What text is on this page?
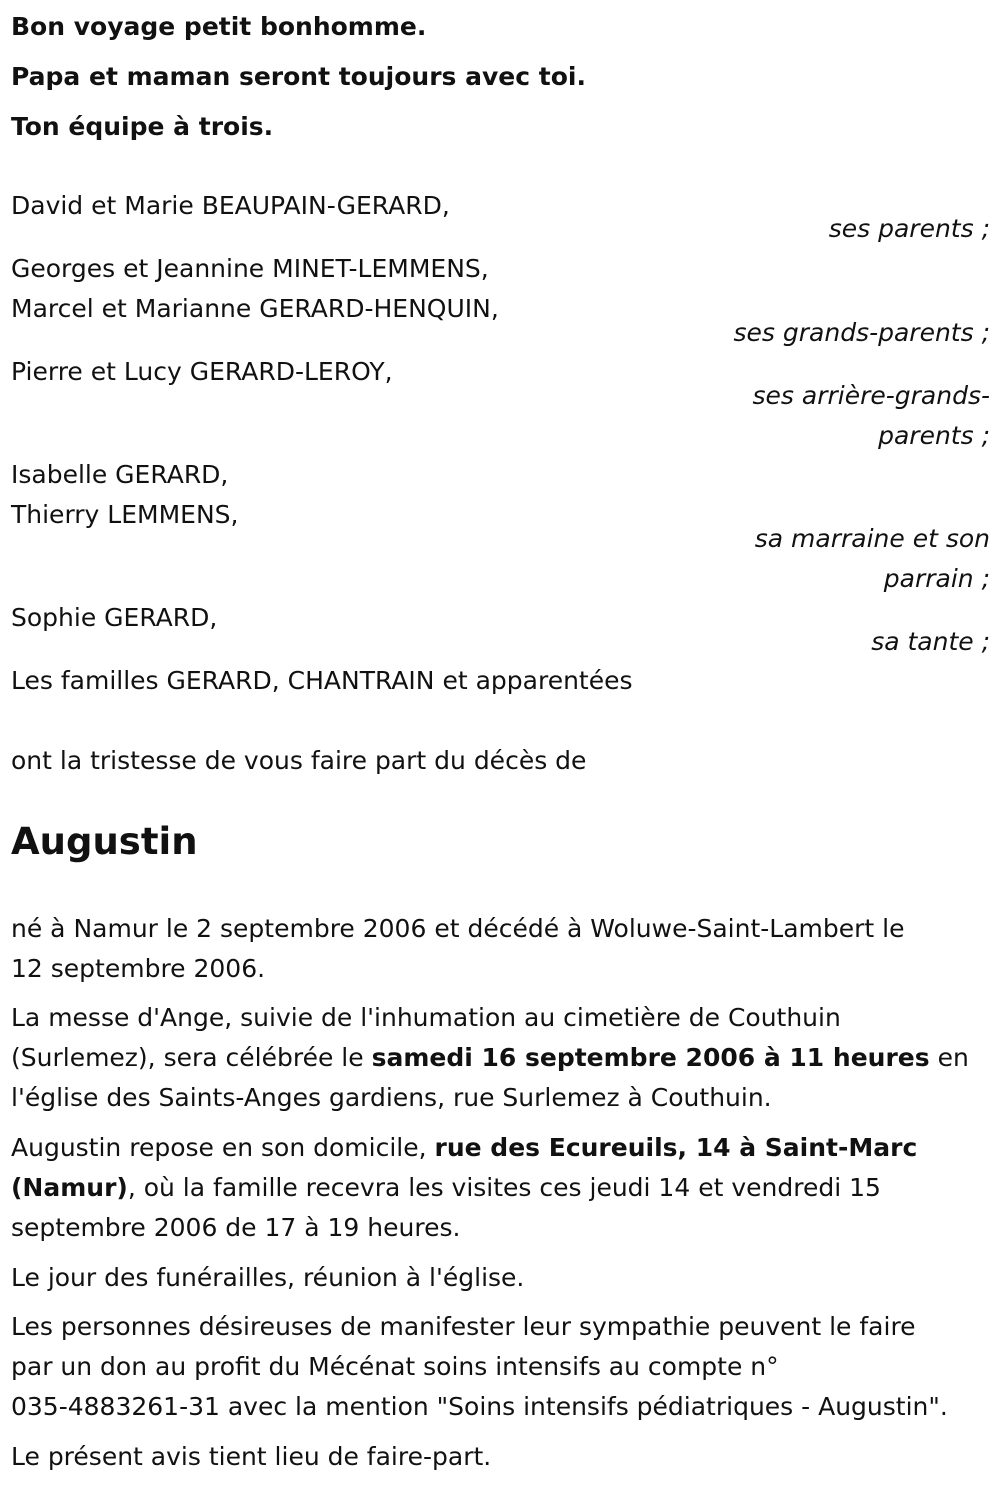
Bon voyage petit bonhomme.
Papa et maman seront toujours avec toi.
Ton équipe à trois.
David et Marie BEAUPAIN-GERARD,
ses parents ;
Georges et Jeannine MINET-LEMMENS,
Marcel et Marianne GERARD-HENQUIN,
ses grands-parents ;
Pierre et Lucy GERARD-LEROY,
ses arrière-grands-
parents ;
Isabelle GERARD,
Thierry LEMMENS,
sa marraine et son
parrain ;
Sophie GERARD,
sa tante ;
Les familles GERARD, CHANTRAIN et apparentées
ont la tristesse de vous faire part du décès de
Augustin
né à Namur le 2 septembre 2006 et décédé à Woluwe-Saint-Lambert le
12 septembre 2006.
La messe d'Ange, suivie de l'inhumation au cimetière de Couthuin
(Surlemez), sera célébrée le samedi 16 septembre 2006 à 11 heures en
l'église des Saints-Anges gardiens, rue Surlemez à Couthuin.
Augustin repose en son domicile, rue des Ecureuils, 14 à Saint-Marc
(Namur), où la famille recevra les visites ces jeudi 14 et vendredi 15
septembre 2006 de 17 à 19 heures.
Le jour des funérailles, réunion à l'église.
Les personnes désireuses de manifester leur sympathie peuvent le faire
par un don au profit du Mécénat soins intensifs au compte n°
035-4883261-31 avec la mention "Soins intensifs pédiatriques - Augustin".
Le présent avis tient lieu de faire-part.
